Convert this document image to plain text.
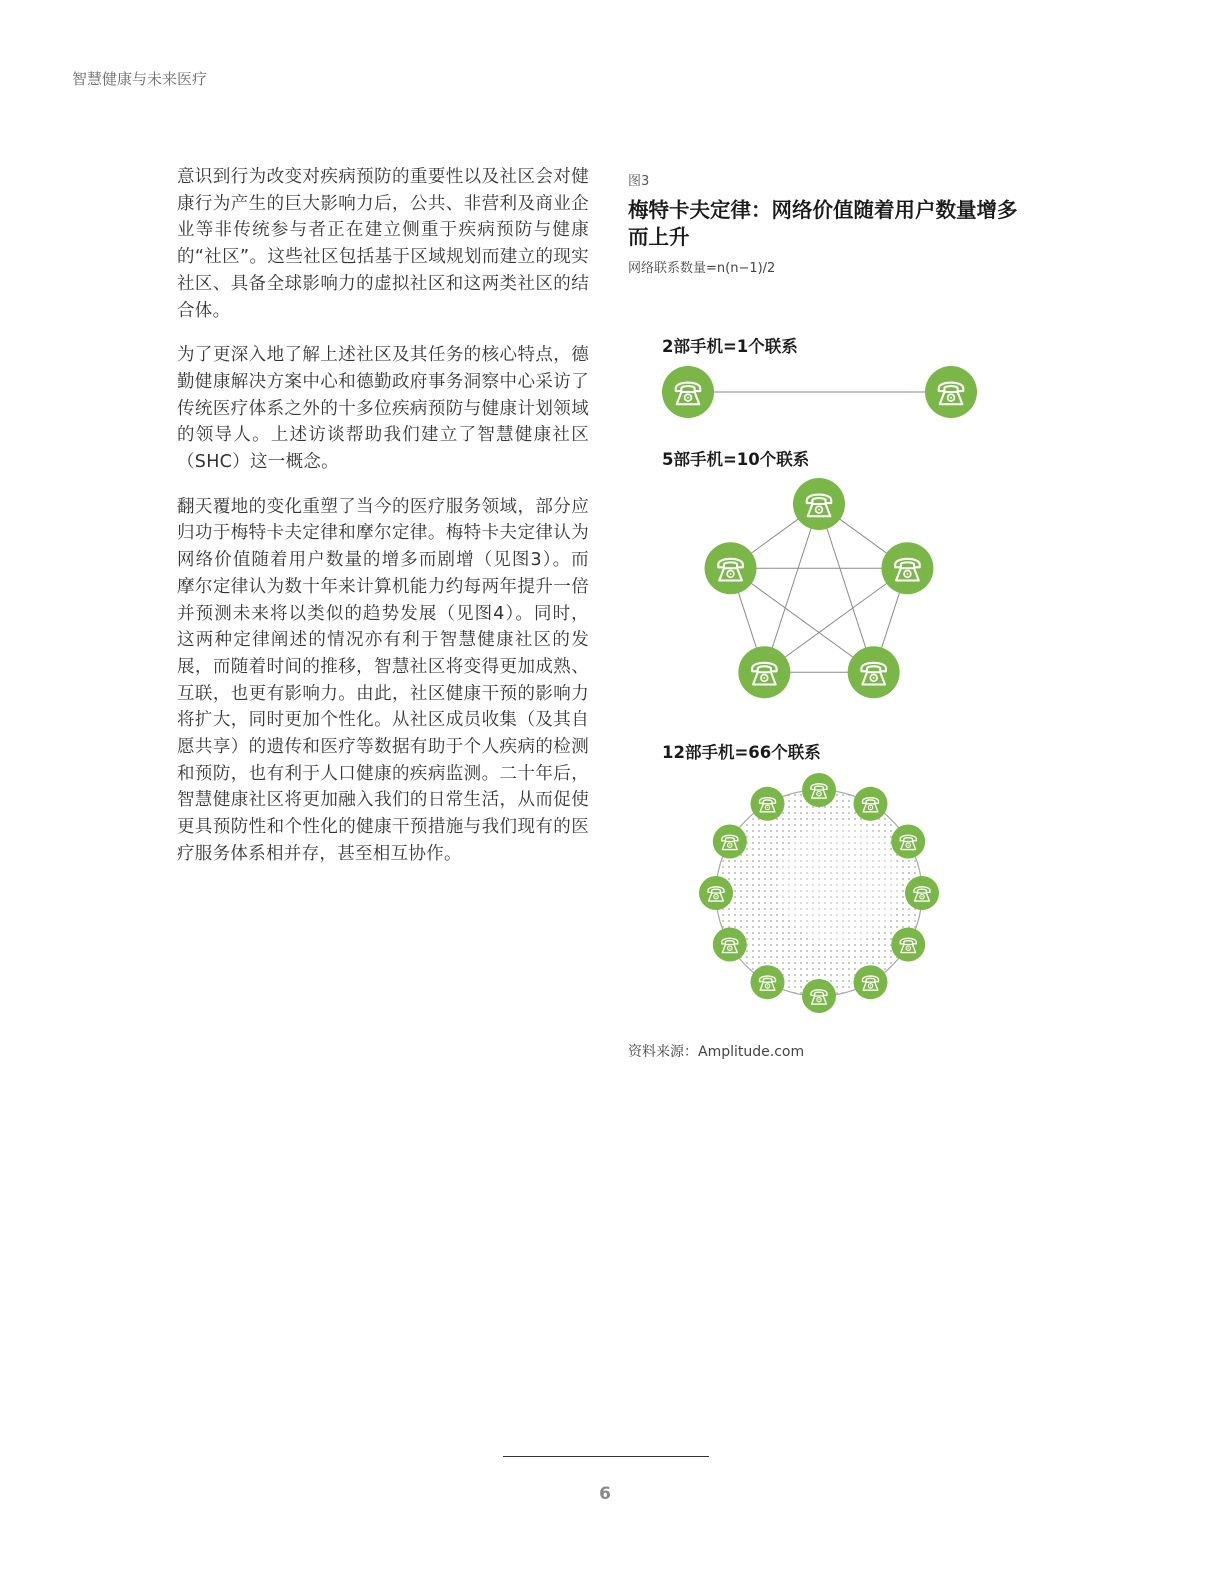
智慧健康与未来医疗

意识到行为改变对疾病预防的重要性以及社区会对健康行为产生的巨大影响力后，公共、非营利及商业企业等非传统参与者正在建立侧重于疾病预防与健康的“社区”。这些社区包括基于区域规划而建立的现实社区、具备全球影响力的虚拟社区和这两类社区的结合体。

为了更深入地了解上述社区及其任务的核心特点，德勤健康解决方案中心和德勤政府事务洞察中心采访了传统医疗体系之外的十多位疾病预防与健康计划领域的领导人。上述访谈帮助我们建立了智慧健康社区（SHC）这一概念。

翻天覆地的变化重塑了当今的医疗服务领域，部分应归功于梅特卡夫定律和摩尔定律。梅特卡夫定律认为网络价值随着用户数量的增多而剧增（见图3）。而摩尔定律认为数十年来计算机能力约每两年提升一倍并预测未来将以类似的趋势发展（见图4）。同时，这两种定律阐述的情况亦有利于智慧健康社区的发展，而随着时间的推移，智慧社区将变得更加成熟、互联，也更有影响力。由此，社区健康干预的影响力将扩大，同时更加个性化。从社区成员收集（及其自愿共享）的遗传和医疗等数据有助于个人疾病的检测和预防，也有利于人口健康的疾病监测。二十年后，智慧健康社区将更加融入我们的日常生活，从而促使更具预防性和个性化的健康干预措施与我们现有的医疗服务体系相并存，甚至相互协作。

图3
梅特卡夫定律：网络价值随着用户数量增多而上升
网络联系数量=n(n−1)/2
2部手机=1个联系
5部手机=10个联系
12部手机=66个联系
资料来源：Amplitude.com
6
